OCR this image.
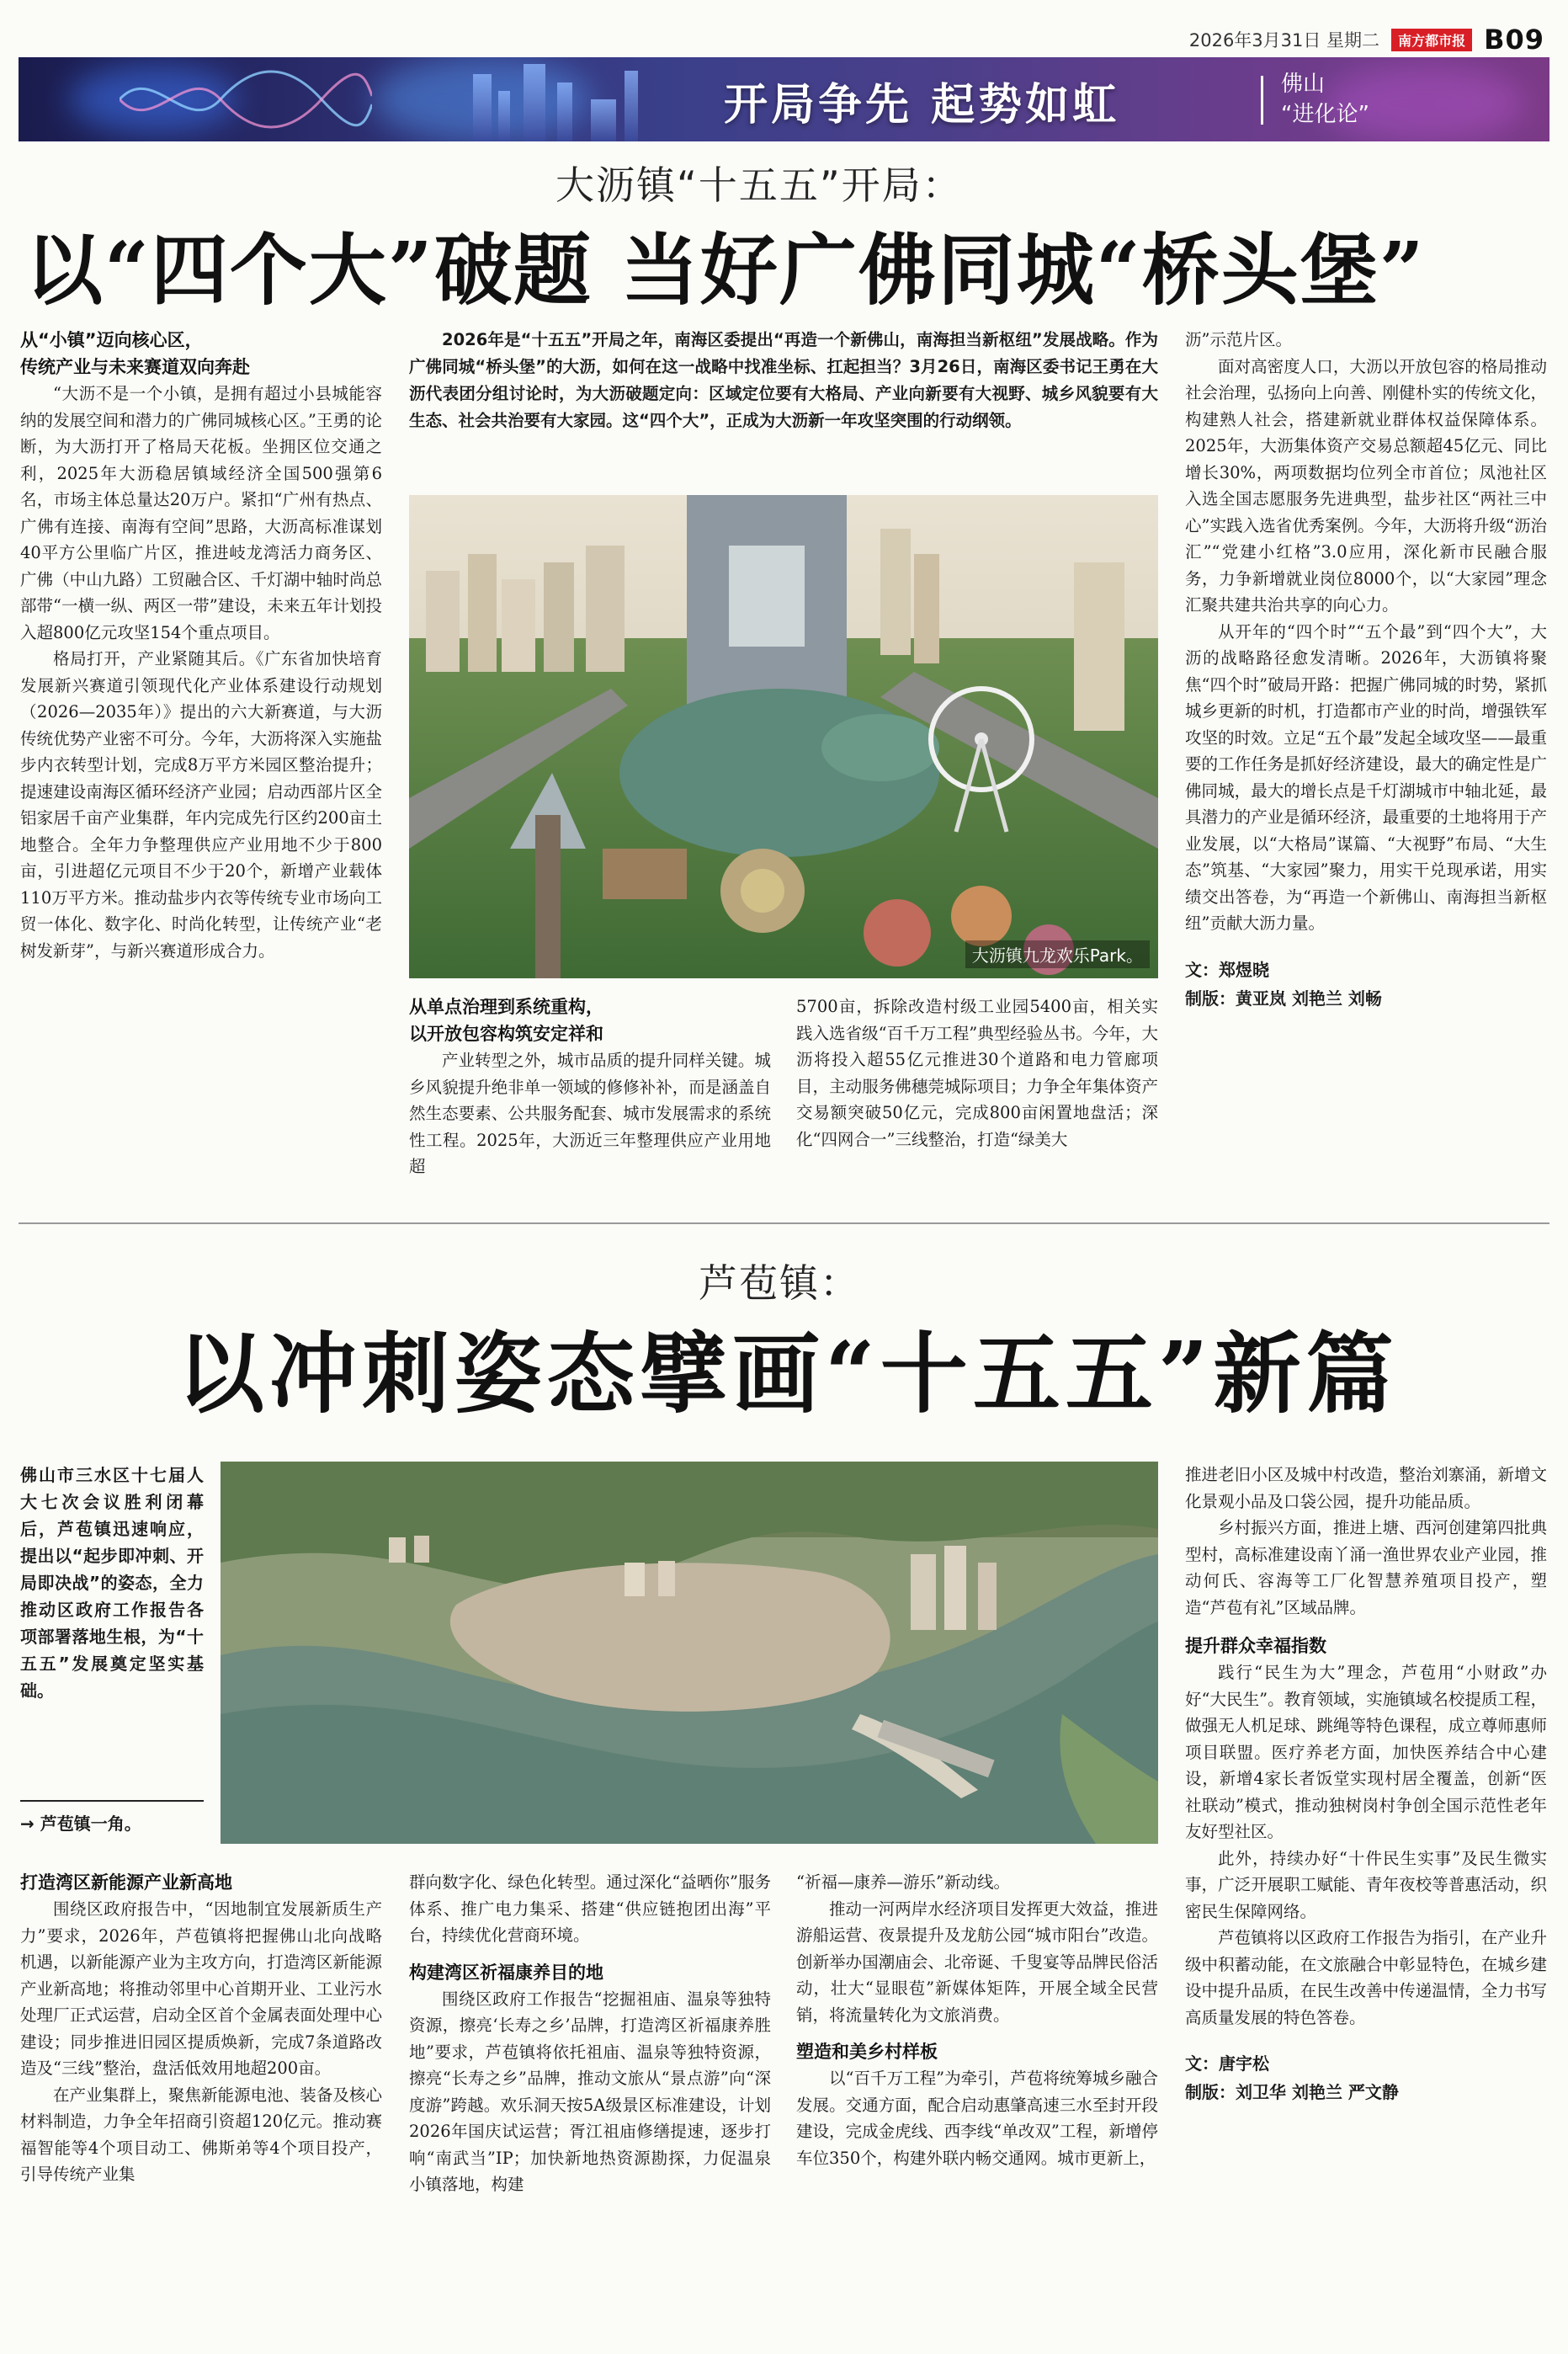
2026年3月31日 星期二	南方都市报 B09
开局争先 起势如虹	佛山
“进化论”
大沥镇“十五五”开局：
以“四个大”破题 当好广佛同城“桥头堡”
从“小镇”迈向核心区，
传统产业与未来赛道双向奔赴

“大沥不是一个小镇，是拥有超过小县城能容纳的发展空间和潜力的广佛同城核心区。”王勇的论断，为大沥打开了格局天花板。坐拥区位交通之利，2025年大沥稳居镇域经济全国500强第6名，市场主体总量达20万户。紧扣“广州有热点、广佛有连接、南海有空间”思路，大沥高标准谋划40平方公里临广片区，推进岐龙湾活力商务区、广佛（中山九路）工贸融合区、千灯湖中轴时尚总部带“一横一纵、两区一带”建设，未来五年计划投入超800亿元攻坚154个重点项目。

格局打开，产业紧随其后。《广东省加快培育发展新兴赛道引领现代化产业体系建设行动规划（2026—2035年）》提出的六大新赛道，与大沥传统优势产业密不可分。今年，大沥将深入实施盐步内衣转型计划，完成8万平方米园区整治提升；提速建设南海区循环经济产业园；启动西部片区全铝家居千亩产业集群，年内完成先行区约200亩土地整合。全年力争整理供应产业用地不少于800亩，引进超亿元项目不少于20个，新增产业载体110万平方米。推动盐步内衣等传统专业市场向工贸一体化、数字化、时尚化转型，让传统产业“老树发新芽”，与新兴赛道形成合力。

2026年是“十五五”开局之年，南海区委提出“再造一个新佛山，南海担当新枢纽”发展战略。作为广佛同城“桥头堡”的大沥，如何在这一战略中找准坐标、扛起担当？3月26日，南海区委书记王勇在大沥代表团分组讨论时，为大沥破题定向：区域定位要有大格局、产业向新要有大视野、城乡风貌要有大生态、社会共治要有大家园。这“四个大”，正成为大沥新一年攻坚突围的行动纲领。

大沥镇九龙欢乐Park。
从单点治理到系统重构，
以开放包容构筑安定祥和

产业转型之外，城市品质的提升同样关键。城乡风貌提升绝非单一领域的修修补补，而是涵盖自然生态要素、公共服务配套、城市发展需求的系统性工程。2025年，大沥近三年整理供应产业用地超

5700亩，拆除改造村级工业园5400亩，相关实践入选省级“百千万工程”典型经验丛书。今年，大沥将投入超55亿元推进30个道路和电力管廊项目，主动服务佛穗莞城际项目；力争全年集体资产交易额突破50亿元，完成800亩闲置地盘活；深化“四网合一”三线整治，打造“绿美大

沥”示范片区。

面对高密度人口，大沥以开放包容的格局推动社会治理，弘扬向上向善、刚健朴实的传统文化，构建熟人社会，搭建新就业群体权益保障体系。2025年，大沥集体资产交易总额超45亿元、同比增长30%，两项数据均位列全市首位；凤池社区入选全国志愿服务先进典型，盐步社区“两社三中心”实践入选省优秀案例。今年，大沥将升级“沥治汇”“党建小红格”3.0应用，深化新市民融合服务，力争新增就业岗位8000个，以“大家园”理念汇聚共建共治共享的向心力。

从开年的“四个时”“五个最”到“四个大”，大沥的战略路径愈发清晰。2026年，大沥镇将聚焦“四个时”破局开路：把握广佛同城的时势，紧抓城乡更新的时机，打造都市产业的时尚，增强铁军攻坚的时效。立足“五个最”发起全域攻坚——最重要的工作任务是抓好经济建设，最大的确定性是广佛同城，最大的增长点是千灯湖城市中轴北延，最具潜力的产业是循环经济，最重要的土地将用于产业发展，以“大格局”谋篇、“大视野”布局、“大生态”筑基、“大家园”聚力，用实干兑现承诺，用实绩交出答卷，为“再造一个新佛山、南海担当新枢纽”贡献大沥力量。

文：郑煜晓
制版：黄亚岚 刘艳兰 刘畅
芦苞镇：
以冲刺姿态擘画“十五五”新篇
佛山市三水区十七届人大七次会议胜利闭幕后，芦苞镇迅速响应，提出以“起步即冲刺、开局即决战”的姿态，全力推动区政府工作报告各项部署落地生根，为“十五五”发展奠定坚实基础。
→ 芦苞镇一角。

推进老旧小区及城中村改造，整治刘寨涌，新增文化景观小品及口袋公园，提升功能品质。

乡村振兴方面，推进上塘、西河创建第四批典型村，高标准建设南丫涌一渔世界农业产业园，推动何氏、容海等工厂化智慧养殖项目投产，塑造“芦苞有礼”区域品牌。

提升群众幸福指数

践行“民生为大”理念，芦苞用“小财政”办好“大民生”。教育领域，实施镇域名校提质工程，做强无人机足球、跳绳等特色课程，成立尊师惠师项目联盟。医疗养老方面，加快医养结合中心建设，新增4家长者饭堂实现村居全覆盖，创新“医社联动”模式，推动独树岗村争创全国示范性老年友好型社区。

此外，持续办好“十件民生实事”及民生微实事，广泛开展职工赋能、青年夜校等普惠活动，织密民生保障网络。

芦苞镇将以区政府工作报告为指引，在产业升级中积蓄动能，在文旅融合中彰显特色，在城乡建设中提升品质，在民生改善中传递温情，全力书写高质量发展的特色答卷。

文：唐宇松
制版：刘卫华 刘艳兰 严文静
打造湾区新能源产业新高地

围绕区政府报告中，“因地制宜发展新质生产力”要求，2026年，芦苞镇将把握佛山北向战略机遇，以新能源产业为主攻方向，打造湾区新能源产业新高地；将推动邻里中心首期开业、工业污水处理厂正式运营，启动全区首个金属表面处理中心建设；同步推进旧园区提质焕新，完成7条道路改造及“三线”整治，盘活低效用地超200亩。

在产业集群上，聚焦新能源电池、装备及核心材料制造，力争全年招商引资超120亿元。推动赛福智能等4个项目动工、佛斯弟等4个项目投产，引导传统产业集

群向数字化、绿色化转型。通过深化“益晒你”服务体系、推广电力集采、搭建“供应链抱团出海”平台，持续优化营商环境。

构建湾区祈福康养目的地

围绕区政府工作报告“挖掘祖庙、温泉等独特资源，擦亮‘长寿之乡’品牌，打造湾区祈福康养胜地”要求，芦苞镇将依托祖庙、温泉等独特资源，擦亮“长寿之乡”品牌，推动文旅从“景点游”向“深度游”跨越。欢乐洞天按5A级景区标准建设，计划2026年国庆试运营；胥江祖庙修缮提速，逐步打响“南武当”IP；加快新地热资源勘探，力促温泉小镇落地，构建

“祈福—康养—游乐”新动线。

推动一河两岸水经济项目发挥更大效益，推进游船运营、夜景提升及龙舫公园“城市阳台”改造。创新举办国潮庙会、北帝诞、千叟宴等品牌民俗活动，壮大“显眼苞”新媒体矩阵，开展全域全民营销，将流量转化为文旅消费。

塑造和美乡村样板

以“百千万工程”为牵引，芦苞将统筹城乡融合发展。交通方面，配合启动惠肇高速三水至封开段建设，完成金虎线、西李线“单改双”工程，新增停车位350个，构建外联内畅交通网。城市更新上，
